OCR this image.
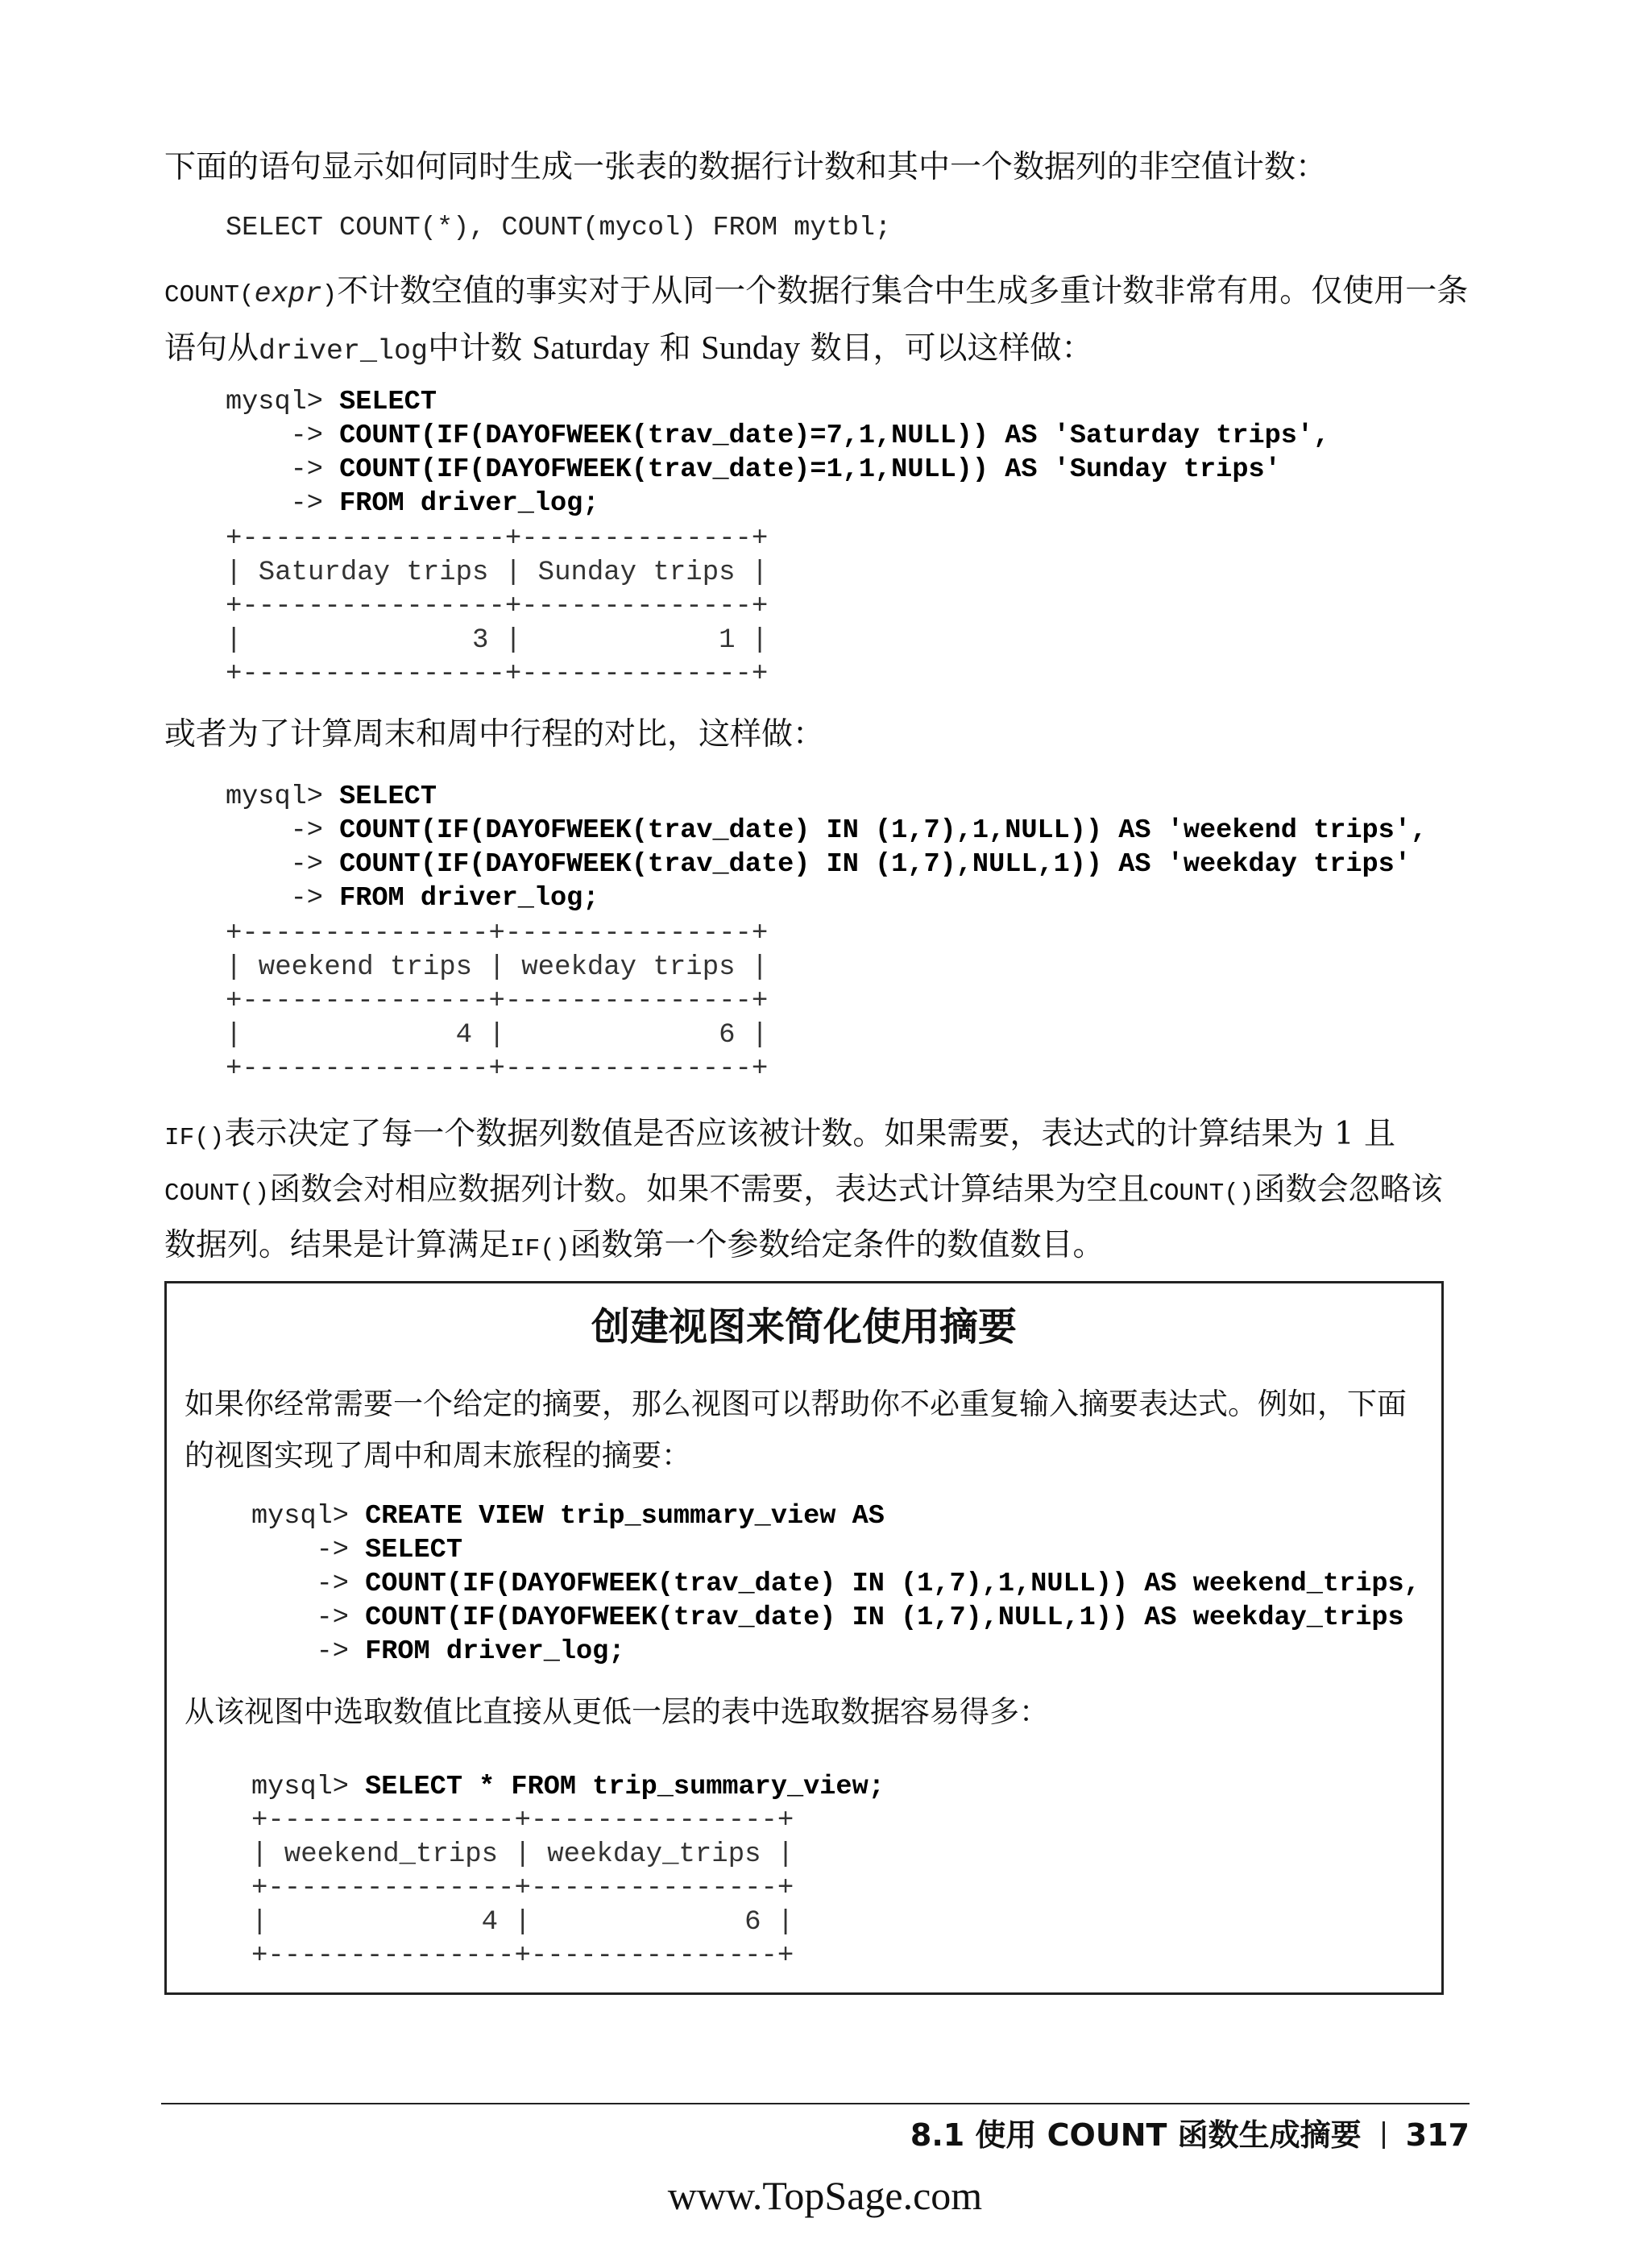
下面的语句显示如何同时生成一张表的数据行计数和其中一个数据列的非空值计数：

SELECT COUNT(*), COUNT(mycol) FROM mytbl;

COUNT(expr)不计数空值的事实对于从同一个数据行集合中生成多重计数非常有用。仅使用一条语句从driver_log中计数 Saturday 和 Sunday 数目，可以这样做：

mysql> SELECT
-> COUNT(IF(DAYOFWEEK(trav_date)=7,1,NULL)) AS 'Saturday trips',
-> COUNT(IF(DAYOFWEEK(trav_date)=1,1,NULL)) AS 'Sunday trips'
-> FROM driver_log;
+----------------+--------------+
| Saturday trips | Sunday trips |
+----------------+--------------+
|              3 |            1 |
+----------------+--------------+

或者为了计算周末和周中行程的对比，这样做：

mysql> SELECT
-> COUNT(IF(DAYOFWEEK(trav_date) IN (1,7),1,NULL)) AS 'weekend trips',
-> COUNT(IF(DAYOFWEEK(trav_date) IN (1,7),NULL,1)) AS 'weekday trips'
-> FROM driver_log;
+---------------+---------------+
| weekend trips | weekday trips |
+---------------+---------------+
|             4 |             6 |
+---------------+---------------+

IF()表示决定了每一个数据列数值是否应该被计数。如果需要，表达式的计算结果为 1 且COUNT()函数会对相应数据列计数。如果不需要，表达式计算结果为空且COUNT()函数会忽略该数据列。结果是计算满足IF()函数第一个参数给定条件的数值数目。

创建视图来简化使用摘要

如果你经常需要一个给定的摘要，那么视图可以帮助你不必重复输入摘要表达式。例如，下面的视图实现了周中和周末旅程的摘要：

mysql> CREATE VIEW trip_summary_view AS
-> SELECT
-> COUNT(IF(DAYOFWEEK(trav_date) IN (1,7),1,NULL)) AS weekend_trips,
-> COUNT(IF(DAYOFWEEK(trav_date) IN (1,7),NULL,1)) AS weekday_trips
-> FROM driver_log;

从该视图中选取数值比直接从更低一层的表中选取数据容易得多：

mysql> SELECT * FROM trip_summary_view;
+---------------+---------------+
| weekend_trips | weekday_trips |
+---------------+---------------+
|             4 |             6 |
+---------------+---------------+

8.1 使用 COUNT 函数生成摘要 317

www.TopSage.com
